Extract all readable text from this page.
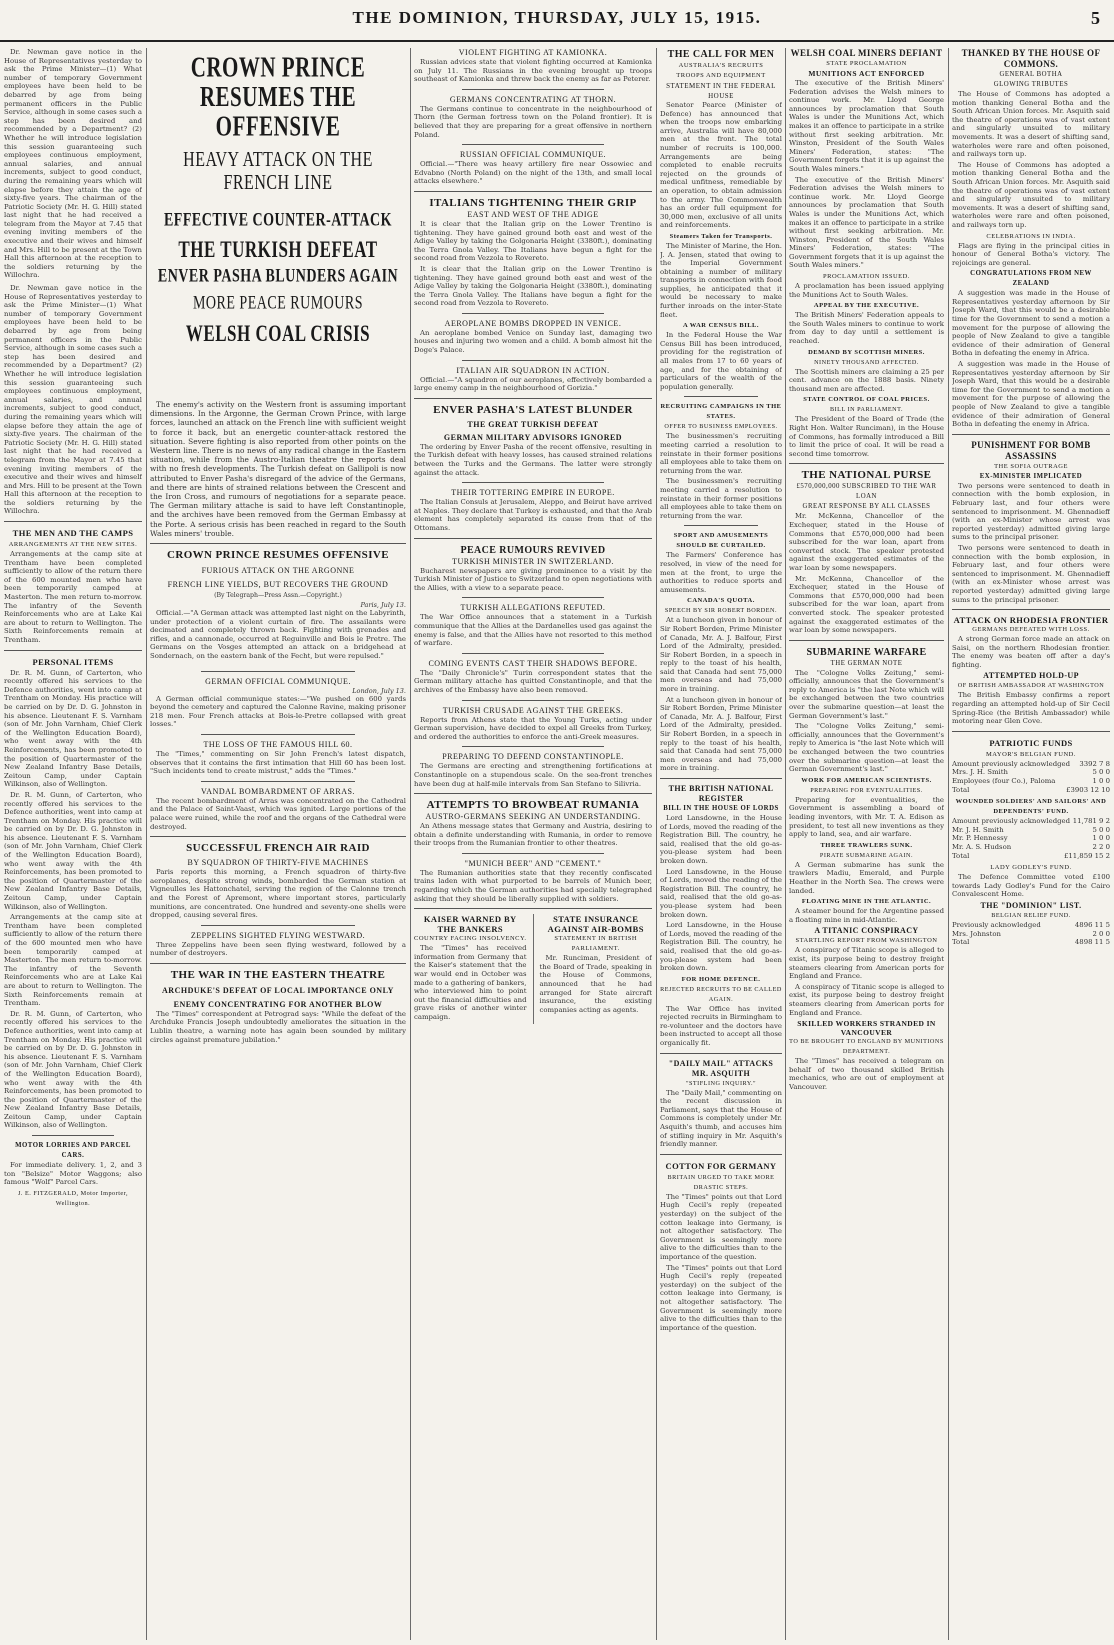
THE DOMINION, THURSDAY, JULY 15, 1915.	5

Dr. Newman gave notice in the House of Representatives yesterday to ask the Prime Minister—(1) What number of temporary Government employees have been held to be debarred by age from being permanent officers in the Public Service, although in some cases such a step has been desired and recommended by a Department? (2) Whether he will introduce legislation this session guaranteeing such employees continuous employment, annual salaries, and annual increments, subject to good conduct, during the remaining years which will elapse before they attain the age of sixty-five years. The chairman of the Patriotic Society (Mr. H. G. Hill) stated last night that he had received a telegram from the Mayor at 7.45 that evening inviting members of the executive and their wives and himself and Mrs. Hill to be present at the Town Hall this afternoon at the reception to the soldiers returning by the Willochra.

Dr. Newman gave notice in the House of Representatives yesterday to ask the Prime Minister—(1) What number of temporary Government employees have been held to be debarred by age from being permanent officers in the Public Service, although in some cases such a step has been desired and recommended by a Department? (2) Whether he will introduce legislation this session guaranteeing such employees continuous employment, annual salaries, and annual increments, subject to good conduct, during the remaining years which will elapse before they attain the age of sixty-five years. The chairman of the Patriotic Society (Mr. H. G. Hill) stated last night that he had received a telegram from the Mayor at 7.45 that evening inviting members of the executive and their wives and himself and Mrs. Hill to be present at the Town Hall this afternoon at the reception to the soldiers returning by the Willochra.

THE MEN AND THE CAMPS
ARRANGEMENTS AT THE NEW SITES.

Arrangements at the camp site at Trentham have been completed sufficiently to allow of the return there of the 600 mounted men who have been temporarily camped at Masterton. The men return to-morrow. The infantry of the Seventh Reinforcements who are at Lake Kai are about to return to Wellington. The Sixth Reinforcements remain at Trentham.

PERSONAL ITEMS

Dr. R. M. Gunn, of Carterton, who recently offered his services to the Defence authorities, went into camp at Trentham on Monday. His practice will be carried on by Dr. D. G. Johnston in his absence. Lieutenant F. S. Varnham (son of Mr. John Varnham, Chief Clerk of the Wellington Education Board), who went away with the 4th Reinforcements, has been promoted to the position of Quartermaster of the New Zealand Infantry Base Details, Zeitoun Camp, under Captain Wilkinson, also of Wellington.

Dr. R. M. Gunn, of Carterton, who recently offered his services to the Defence authorities, went into camp at Trentham on Monday. His practice will be carried on by Dr. D. G. Johnston in his absence. Lieutenant F. S. Varnham (son of Mr. John Varnham, Chief Clerk of the Wellington Education Board), who went away with the 4th Reinforcements, has been promoted to the position of Quartermaster of the New Zealand Infantry Base Details, Zeitoun Camp, under Captain Wilkinson, also of Wellington.

Arrangements at the camp site at Trentham have been completed sufficiently to allow of the return there of the 600 mounted men who have been temporarily camped at Masterton. The men return to-morrow. The infantry of the Seventh Reinforcements who are at Lake Kai are about to return to Wellington. The Sixth Reinforcements remain at Trentham.

Dr. R. M. Gunn, of Carterton, who recently offered his services to the Defence authorities, went into camp at Trentham on Monday. His practice will be carried on by Dr. D. G. Johnston in his absence. Lieutenant F. S. Varnham (son of Mr. John Varnham, Chief Clerk of the Wellington Education Board), who went away with the 4th Reinforcements, has been promoted to the position of Quartermaster of the New Zealand Infantry Base Details, Zeitoun Camp, under Captain Wilkinson, also of Wellington.

MOTOR LORRIES AND PARCEL CARS.

For immediate delivery. 1, 2, and 3 ton "Belsize" Motor Waggons; also famous "Wolf" Parcel Cars.

J. E. FITZGERALD, Motor Importer, Wellington.
CROWN PRINCE RESUMES THE OFFENSIVE
HEAVY ATTACK ON THE FRENCH LINE
EFFECTIVE COUNTER-ATTACK
THE TURKISH DEFEAT
ENVER PASHA BLUNDERS AGAIN
MORE PEACE RUMOURS
WELSH COAL CRISIS

The enemy's activity on the Western front is assuming important dimensions. In the Argonne, the German Crown Prince, with large forces, launched an attack on the French line with sufficient weight to force it back, but an energetic counter-attack restored the situation. Severe fighting is also reported from other points on the Western line. There is no news of any radical change in the Eastern situation, while from the Austro-Italian theatre the reports deal with no fresh developments. The Turkish defeat on Gallipoli is now attributed to Enver Pasha's disregard of the advice of the Germans, and there are hints of strained relations between the Crescent and the Iron Cross, and rumours of negotiations for a separate peace. The German military attache is said to have left Constantinople, and the archives have been removed from the German Embassy at the Porte. A serious crisis has been reached in regard to the South Wales miners' trouble.

CROWN PRINCE RESUMES OFFENSIVE
FURIOUS ATTACK ON THE ARGONNE
FRENCH LINE YIELDS, BUT RECOVERS THE GROUND
(By Telegraph—Press Assn.—Copyright.)
Paris, July 13.

Official.—"A German attack was attempted last night on the Labyrinth, under protection of a violent curtain of fire. The assailants were decimated and completely thrown back. Fighting with grenades and rifles, and a cannonade, occurred at Reguinville and Bois le Pretre. The Germans on the Vosges attempted an attack on a bridgehead at Sondernach, on the eastern bank of the Fecht, but were repulsed."

GERMAN OFFICIAL COMMUNIQUE.
London, July 13.

A German official communique states:—"We pushed on 600 yards beyond the cemetery and captured the Calonne Ravine, making prisoner 218 men. Four French attacks at Bois-le-Pretre collapsed with great losses."

THE LOSS OF THE FAMOUS HILL 60.

The "Times," commenting on Sir John French's latest dispatch, observes that it contains the first intimation that Hill 60 has been lost. "Such incidents tend to create mistrust," adds the "Times."

VANDAL BOMBARDMENT OF ARRAS.

The recent bombardment of Arras was concentrated on the Cathedral and the Palace of Saint-Vaast, which was ignited. Large portions of the palace were ruined, while the roof and the organs of the Cathedral were destroyed.

SUCCESSFUL FRENCH AIR RAID
BY SQUADRON OF THIRTY-FIVE MACHINES

Paris reports this morning, a French squadron of thirty-five aeroplanes, despite strong winds, bombarded the German station at Vigneulles les Hattonchatel, serving the region of the Calonne trench and the Forest of Apremont, where important stores, particularly munitions, are concentrated. One hundred and seventy-one shells were dropped, causing several fires.

ZEPPELINS SIGHTED FLYING WESTWARD.

Three Zeppelins have been seen flying westward, followed by a number of destroyers.

THE WAR IN THE EASTERN THEATRE
ARCHDUKE'S DEFEAT OF LOCAL IMPORTANCE ONLY
ENEMY CONCENTRATING FOR ANOTHER BLOW

The "Times" correspondent at Petrograd says: "While the defeat of the Archduke Francis Joseph undoubtedly ameliorates the situation in the Lublin theatre, a warning note has again been sounded by military circles against premature jubilation."

VIOLENT FIGHTING AT KAMIONKA.

Russian advices state that violent fighting occurred at Kamionka on July 11. The Russians in the evening brought up troops southeast of Kamionka and threw back the enemy as far as Peterer.

GERMANS CONCENTRATING AT THORN.

The Germans continue to concentrate in the neighbourhood of Thorn (the German fortress town on the Poland frontier). It is believed that they are preparing for a great offensive in northern Poland.

RUSSIAN OFFICIAL COMMUNIQUE.

Official.—"There was heavy artillery fire near Ossowiec and Edvabno (North Poland) on the night of the 13th, and small local attacks elsewhere."

ITALIANS TIGHTENING THEIR GRIP
EAST AND WEST OF THE ADIGE

It is clear that the Italian grip on the Lower Trentino is tightening. They have gained ground both east and west of the Adige Valley by taking the Golgonaria Height (3380ft.), dominating the Terra Gnola Valley. The Italians have begun a fight for the second road from Vezzola to Rovereto.

It is clear that the Italian grip on the Lower Trentino is tightening. They have gained ground both east and west of the Adige Valley by taking the Golgonaria Height (3380ft.), dominating the Terra Gnola Valley. The Italians have begun a fight for the second road from Vezzola to Rovereto.

AEROPLANE BOMBS DROPPED IN VENICE.

An aeroplane bombed Venice on Sunday last, damaging two houses and injuring two women and a child. A bomb almost hit the Doge's Palace.

ITALIAN AIR SQUADRON IN ACTION.

Official.—"A squadron of our aeroplanes, effectively bombarded a large enemy camp in the neighbourhood of Gorizia."

ENVER PASHA'S LATEST BLUNDER
THE GREAT TURKISH DEFEAT
GERMAN MILITARY ADVISORS IGNORED

The ordering by Enver Pasha of the recent offensive, resulting in the Turkish defeat with heavy losses, has caused strained relations between the Turks and the Germans. The latter were strongly against the attack.

THEIR TOTTERING EMPIRE IN EUROPE.

The Italian Consuls at Jerusalem, Aleppo, and Beirut have arrived at Naples. They declare that Turkey is exhausted, and that the Arab element has completely separated its cause from that of the Ottomans.

PEACE RUMOURS REVIVED
TURKISH MINISTER IN SWITZERLAND.

Bucharest newspapers are giving prominence to a visit by the Turkish Minister of Justice to Switzerland to open negotiations with the Allies, with a view to a separate peace.

TURKISH ALLEGATIONS REFUTED.

The War Office announces that a statement in a Turkish communique that the Allies at the Dardanelles used gas against the enemy is false, and that the Allies have not resorted to this method of warfare.

COMING EVENTS CAST THEIR SHADOWS BEFORE.

The "Daily Chronicle's" Turin correspondent states that the German military attache has quitted Constantinople, and that the archives of the Embassy have also been removed.

TURKISH CRUSADE AGAINST THE GREEKS.

Reports from Athens state that the Young Turks, acting under German supervision, have decided to expel all Greeks from Turkey, and ordered the authorities to enforce the anti-Greek measures.

PREPARING TO DEFEND CONSTANTINOPLE.

The Germans are erecting and strengthening fortifications at Constantinople on a stupendous scale. On the sea-front trenches have been dug at half-mile intervals from San Stefano to Silivria.

ATTEMPTS TO BROWBEAT RUMANIA
AUSTRO-GERMANS SEEKING AN UNDERSTANDING.

An Athens message states that Germany and Austria, desiring to obtain a definite understanding with Rumania, in order to remove their troops from the Rumanian frontier to other theatres.

"MUNICH BEER" AND "CEMENT."

The Rumanian authorities state that they recently confiscated trains laden with what purported to be barrels of Munich beer, regarding which the German authorities had specially telegraphed asking that they should be liberally supplied with soldiers.

KAISER WARNED BY THE BANKERS
COUNTRY FACING INSOLVENCY.

The "Times" has received information from Germany that the Kaiser's statement that the war would end in October was made to a gathering of bankers, who interviewed him to point out the financial difficulties and grave risks of another winter campaign.

STATE INSURANCE AGAINST AIR-BOMBS
STATEMENT IN BRITISH PARLIAMENT.

Mr. Runciman, President of the Board of Trade, speaking in the House of Commons, announced that he had arranged for State aircraft insurance, the existing companies acting as agents.

THE CALL FOR MEN
AUSTRALIA'S RECRUITS
TROOPS AND EQUIPMENT
STATEMENT IN THE FEDERAL HOUSE

Senator Pearce (Minister of Defence) has announced that when the troops now embarking arrive, Australia will have 80,000 men at the front. The total number of recruits is 100,000. Arrangements are being completed to enable recruits rejected on the grounds of medical unfitness, remediable by an operation, to obtain admission to the army. The Commonwealth has an order full equipment for 30,000 men, exclusive of all units and reinforcements.

Steamers Taken for Transports.

The Minister of Marine, the Hon. J. A. Jensen, stated that owing to the Imperial Government obtaining a number of military transports in connection with food supplies, he anticipated that it would be necessary to make further inroads on the inter-State fleet.

A WAR CENSUS BILL.

In the Federal House the War Census Bill has been introduced, providing for the registration of all males from 17 to 60 years of age, and for the obtaining of particulars of the wealth of the population generally.

RECRUITING CAMPAIGNS IN THE STATES.
OFFER TO BUSINESS EMPLOYEES.

The businessmen's recruiting meeting carried a resolution to reinstate in their former positions all employees able to take them on returning from the war.

The businessmen's recruiting meeting carried a resolution to reinstate in their former positions all employees able to take them on returning from the war.

SPORT AND AMUSEMENTS SHOULD BE CURTAILED.

The Farmers' Conference has resolved, in view of the need for men at the front, to urge the authorities to reduce sports and amusements.

CANADA'S QUOTA.
SPEECH BY SIR ROBERT BORDEN.

At a luncheon given in honour of Sir Robert Borden, Prime Minister of Canada, Mr. A. J. Balfour, First Lord of the Admiralty, presided. Sir Robert Borden, in a speech in reply to the toast of his health, said that Canada had sent 75,000 men overseas and had 75,000 more in training.

At a luncheon given in honour of Sir Robert Borden, Prime Minister of Canada, Mr. A. J. Balfour, First Lord of the Admiralty, presided. Sir Robert Borden, in a speech in reply to the toast of his health, said that Canada had sent 75,000 men overseas and had 75,000 more in training.

THE BRITISH NATIONAL REGISTER
BILL IN THE HOUSE OF LORDS

Lord Lansdowne, in the House of Lords, moved the reading of the Registration Bill. The country, he said, realised that the old go-as-you-please system had been broken down.

Lord Lansdowne, in the House of Lords, moved the reading of the Registration Bill. The country, he said, realised that the old go-as-you-please system had been broken down.

Lord Lansdowne, in the House of Lords, moved the reading of the Registration Bill. The country, he said, realised that the old go-as-you-please system had been broken down.

FOR HOME DEFENCE.
REJECTED RECRUITS TO BE CALLED AGAIN.

The War Office has invited rejected recruits in Birmingham to re-volunteer and the doctors have been instructed to accept all those organically fit.

"DAILY MAIL" ATTACKS MR. ASQUITH
"STIFLING INQUIRY."

The "Daily Mail," commenting on the recent discussion in Parliament, says that the House of Commons is completely under Mr. Asquith's thumb, and accuses him of stifling inquiry in Mr. Asquith's friendly manner.

COTTON FOR GERMANY
BRITAIN URGED TO TAKE MORE DRASTIC STEPS.

The "Times" points out that Lord Hugh Cecil's reply (repeated yesterday) on the subject of the cotton leakage into Germany, is not altogether satisfactory. The Government is seemingly more alive to the difficulties than to the importance of the question.

The "Times" points out that Lord Hugh Cecil's reply (repeated yesterday) on the subject of the cotton leakage into Germany, is not altogether satisfactory. The Government is seemingly more alive to the difficulties than to the importance of the question.

WELSH COAL MINERS DEFIANT
STATE PROCLAMATION
MUNITIONS ACT ENFORCED

The executive of the British Miners' Federation advises the Welsh miners to continue work. Mr. Lloyd George announces by proclamation that South Wales is under the Munitions Act, which makes it an offence to participate in a strike without first seeking arbitration. Mr. Winston, President of the South Wales Miners' Federation, states: "The Government forgets that it is up against the South Wales miners."

The executive of the British Miners' Federation advises the Welsh miners to continue work. Mr. Lloyd George announces by proclamation that South Wales is under the Munitions Act, which makes it an offence to participate in a strike without first seeking arbitration. Mr. Winston, President of the South Wales Miners' Federation, states: "The Government forgets that it is up against the South Wales miners."

PROCLAMATION ISSUED.

A proclamation has been issued applying the Munitions Act to South Wales.

APPEAL BY THE EXECUTIVE.

The British Miners' Federation appeals to the South Wales miners to continue to work from day to day until a settlement is reached.

DEMAND BY SCOTTISH MINERS.
NINETY THOUSAND AFFECTED.

The Scottish miners are claiming a 25 per cent. advance on the 1888 basis. Ninety thousand men are affected.

STATE CONTROL OF COAL PRICES.
BILL IN PARLIAMENT.

The President of the Board of Trade (the Right Hon. Walter Runciman), in the House of Commons, has formally introduced a Bill to limit the price of coal. It will be read a second time tomorrow.

THE NATIONAL PURSE
£570,000,000 SUBSCRIBED TO THE WAR LOAN
GREAT RESPONSE BY ALL CLASSES

Mr. McKenna, Chancellor of the Exchequer, stated in the House of Commons that £570,000,000 had been subscribed for the war loan, apart from converted stock. The speaker protested against the exaggerated estimates of the war loan by some newspapers.

Mr. McKenna, Chancellor of the Exchequer, stated in the House of Commons that £570,000,000 had been subscribed for the war loan, apart from converted stock. The speaker protested against the exaggerated estimates of the war loan by some newspapers.

SUBMARINE WARFARE
THE GERMAN NOTE

The "Cologne Volks Zeitung," semi-officially, announces that the Government's reply to America is "the last Note which will be exchanged between the two countries over the submarine question—at least the German Government's last."

The "Cologne Volks Zeitung," semi-officially, announces that the Government's reply to America is "the last Note which will be exchanged between the two countries over the submarine question—at least the German Government's last."

WORK FOR AMERICAN SCIENTISTS.
PREPARING FOR EVENTUALITIES.

Preparing for eventualities, the Government is assembling a board of leading inventors, with Mr. T. A. Edison as president, to test all new inventions as they apply to land, sea, and air warfare.

THREE TRAWLERS SUNK.
PIRATE SUBMARINE AGAIN.

A German submarine has sunk the trawlers Madiu, Emerald, and Purple Heather in the North Sea. The crews were landed.

FLOATING MINE IN THE ATLANTIC.

A steamer bound for the Argentine passed a floating mine in mid-Atlantic.

A TITANIC CONSPIRACY
STARTLING REPORT FROM WASHINGTON

A conspiracy of Titanic scope is alleged to exist, its purpose being to destroy freight steamers clearing from American ports for England and France.

A conspiracy of Titanic scope is alleged to exist, its purpose being to destroy freight steamers clearing from American ports for England and France.

SKILLED WORKERS STRANDED IN VANCOUVER
TO BE BROUGHT TO ENGLAND BY MUNITIONS DEPARTMENT.

The "Times" has received a telegram on behalf of two thousand skilled British mechanics, who are out of employment at Vancouver.

THANKED BY THE HOUSE OF COMMONS.
GENERAL BOTHA
GLOWING TRIBUTES

The House of Commons has adopted a motion thanking General Botha and the South African Union forces. Mr. Asquith said the theatre of operations was of vast extent and singularly unsuited to military movements. It was a desert of shifting sand, waterholes were rare and often poisoned, and railways torn up.

The House of Commons has adopted a motion thanking General Botha and the South African Union forces. Mr. Asquith said the theatre of operations was of vast extent and singularly unsuited to military movements. It was a desert of shifting sand, waterholes were rare and often poisoned, and railways torn up.

CELEBRATIONS IN INDIA.

Flags are flying in the principal cities in honour of General Botha's victory. The rejoicings are general.

CONGRATULATIONS FROM NEW ZEALAND

A suggestion was made in the House of Representatives yesterday afternoon by Sir Joseph Ward, that this would be a desirable time for the Government to send a motion a movement for the purpose of allowing the people of New Zealand to give a tangible evidence of their admiration of General Botha in defeating the enemy in Africa.

A suggestion was made in the House of Representatives yesterday afternoon by Sir Joseph Ward, that this would be a desirable time for the Government to send a motion a movement for the purpose of allowing the people of New Zealand to give a tangible evidence of their admiration of General Botha in defeating the enemy in Africa.

PUNISHMENT FOR BOMB ASSASSINS
THE SOFIA OUTRAGE
EX-MINISTER IMPLICATED

Two persons were sentenced to death in connection with the bomb explosion, in February last, and four others were sentenced to imprisonment. M. Ghennadieff (with an ex-Minister whose arrest was reported yesterday) admitted giving large sums to the principal prisoner.

Two persons were sentenced to death in connection with the bomb explosion, in February last, and four others were sentenced to imprisonment. M. Ghennadieff (with an ex-Minister whose arrest was reported yesterday) admitted giving large sums to the principal prisoner.

ATTACK ON RHODESIA FRONTIER
GERMANS DEFEATED WITH LOSS.

A strong German force made an attack on Saisi, on the northern Rhodesian frontier. The enemy was beaten off after a day's fighting.

ATTEMPTED HOLD-UP
OF BRITISH AMBASSADOR AT WASHINGTON

The British Embassy confirms a report regarding an attempted hold-up of Sir Cecil Spring-Rice (the British Ambassador) while motoring near Glen Cove.

PATRIOTIC FUNDS
MAYOR'S BELGIAN FUND.
Amount previously acknowledged 3392 7 8
Mrs. J. H. Smith	5 0 0
Employees (four Co.), Paloma	1 0 0
Total	£3903 12 10
WOUNDED SOLDIERS' AND SAILORS' AND DEPENDENTS' FUND.
Amount previously acknowledged 11,781 9 2
Mr. J. H. Smith	5 0 0
Mr. P. Hennessy	1 0 0
Mr. A. S. Hudson	2 2 0
Total	£11,859 15 2
LADY GODLEY'S FUND.

The Defence Committee voted £100 towards Lady Godley's Fund for the Cairo Convalescent Home.

THE "DOMINION" LIST.
BELGIAN RELIEF FUND.
Previously acknowledged	4896 11 5
Mrs. Johnston	2 0 0
Total	4898 11 5
